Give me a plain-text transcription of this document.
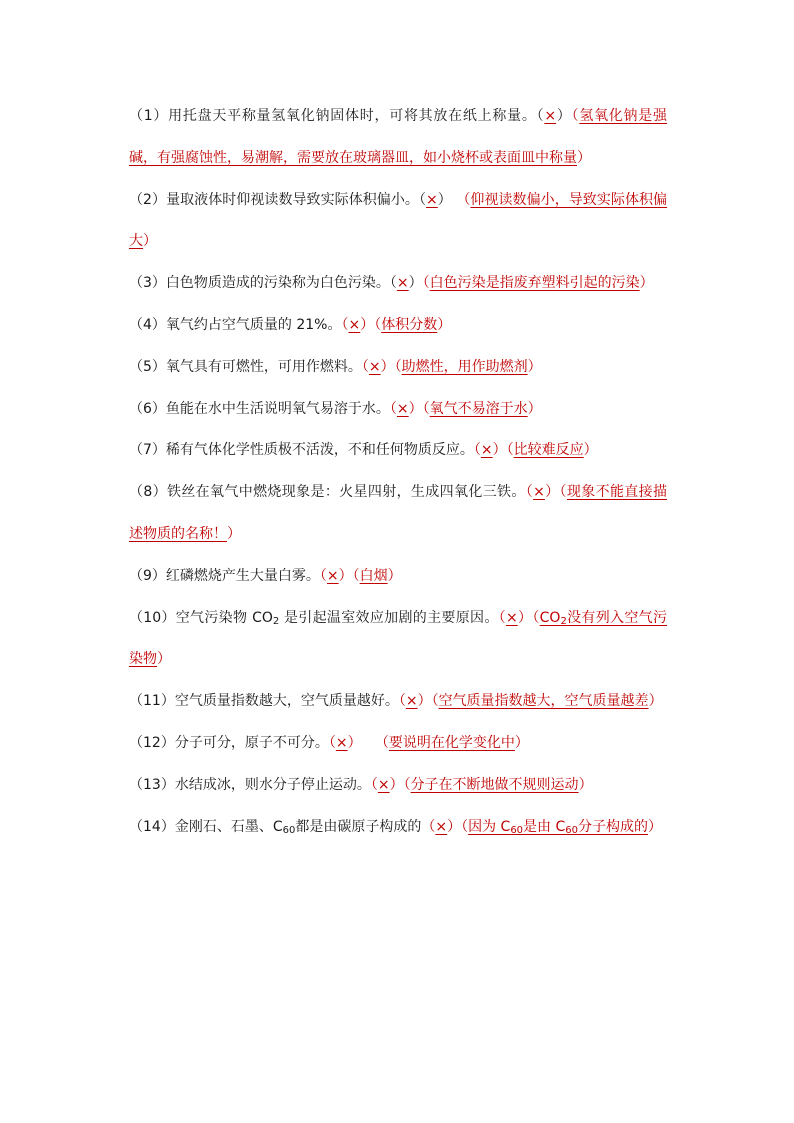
（1）用托盘天平称量氢氧化钠固体时，可将其放在纸上称量。（×）（氢氧化钠是强碱，有强腐蚀性，易潮解，需要放在玻璃器皿，如小烧杯或表面皿中称量）

（2）量取液体时仰视读数导致实际体积偏小。（×） （仰视读数偏小，导致实际体积偏大）

（3）白色物质造成的污染称为白色污染。（×）（白色污染是指废弃塑料引起的污染）

（4）氧气约占空气质量的 21%。（×）（体积分数）

（5）氧气具有可燃性，可用作燃料。（×）（助燃性，用作助燃剂）

（6）鱼能在水中生活说明氧气易溶于水。（×）（氧气不易溶于水）

（7）稀有气体化学性质极不活泼，不和任何物质反应。（×）（比较难反应）

（8）铁丝在氧气中燃烧现象是：火星四射，生成四氧化三铁。（×）（现象不能直接描述物质的名称！）

（9）红磷燃烧产生大量白雾。（×）（白烟）

（10）空气污染物 $CO_2$ 是引起温室效应加剧的主要原因。$(\times)(CO_2$没有列入空气污染物）

（11）空气质量指数越大，空气质量越好。（×）（空气质量指数越大，空气质量越差）

（12）分子可分，原子不可分。（×） （要说明在化学变化中）

（13）水结成冰，则水分子停止运动。（×）（分子在不断地做不规则运动）

（14）金刚石、石墨、$C_{60}$都是由碳原子构成的（×）（因为 $C_{60}$是由 $C_{60}$分子构成的）
